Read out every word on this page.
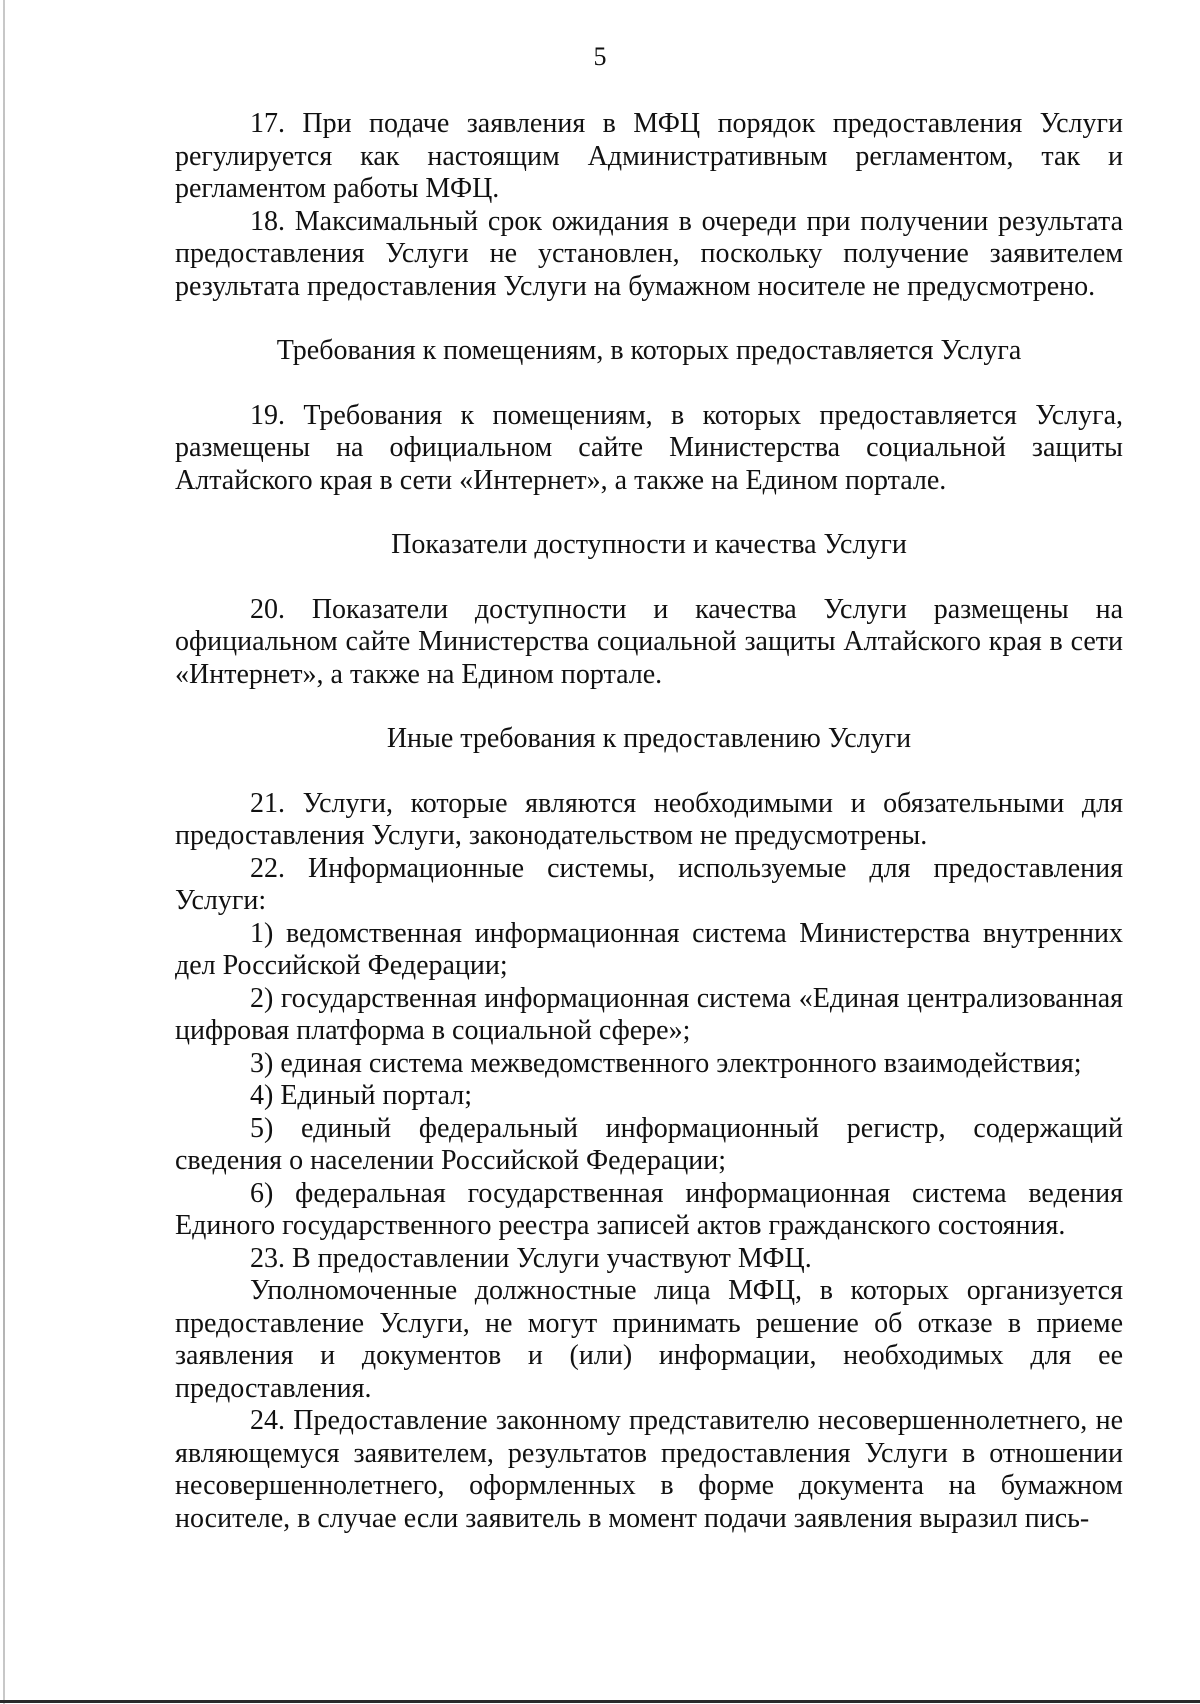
5

17. При подаче заявления в МФЦ порядок предоставления Услуги регулируется как настоящим Административным регламентом, так и регламентом работы МФЦ.

18. Максимальный срок ожидания в очереди при получении результата предоставления Услуги не установлен, поскольку получение заявителем результата предоставления Услуги на бумажном носителе не предусмотрено.

Требования к помещениям, в которых предоставляется Услуга

19. Требования к помещениям, в которых предоставляется Услуга, размещены на официальном сайте Министерства социальной защиты Алтайского края в сети «Интернет», а также на Едином портале.

Показатели доступности и качества Услуги

20. Показатели доступности и качества Услуги размещены на официальном сайте Министерства социальной защиты Алтайского края в сети «Интернет», а также на Едином портале.

Иные требования к предоставлению Услуги

21. Услуги, которые являются необходимыми и обязательными для предоставления Услуги, законодательством не предусмотрены.

22. Информационные системы, используемые для предоставления Услуги:

1) ведомственная информационная система Министерства внутренних дел Российской Федерации;

2) государственная информационная система «Единая централизованная цифровая платформа в социальной сфере»;

3) единая система межведомственного электронного взаимодействия;

4) Единый портал;

5) единый федеральный информационный регистр, содержащий сведения о населении Российской Федерации;

6) федеральная государственная информационная система ведения Единого государственного реестра записей актов гражданского состояния.

23. В предоставлении Услуги участвуют МФЦ.

Уполномоченные должностные лица МФЦ, в которых организуется предоставление Услуги, не могут принимать решение об отказе в приеме заявления и документов и (или) информации, необходимых для ее предоставления.

24. Предоставление законному представителю несовершеннолетнего, не являющемуся заявителем, результатов предоставления Услуги в отношении несовершеннолетнего, оформленных в форме документа на бумажном носителе, в случае если заявитель в момент подачи заявления выразил пись-
